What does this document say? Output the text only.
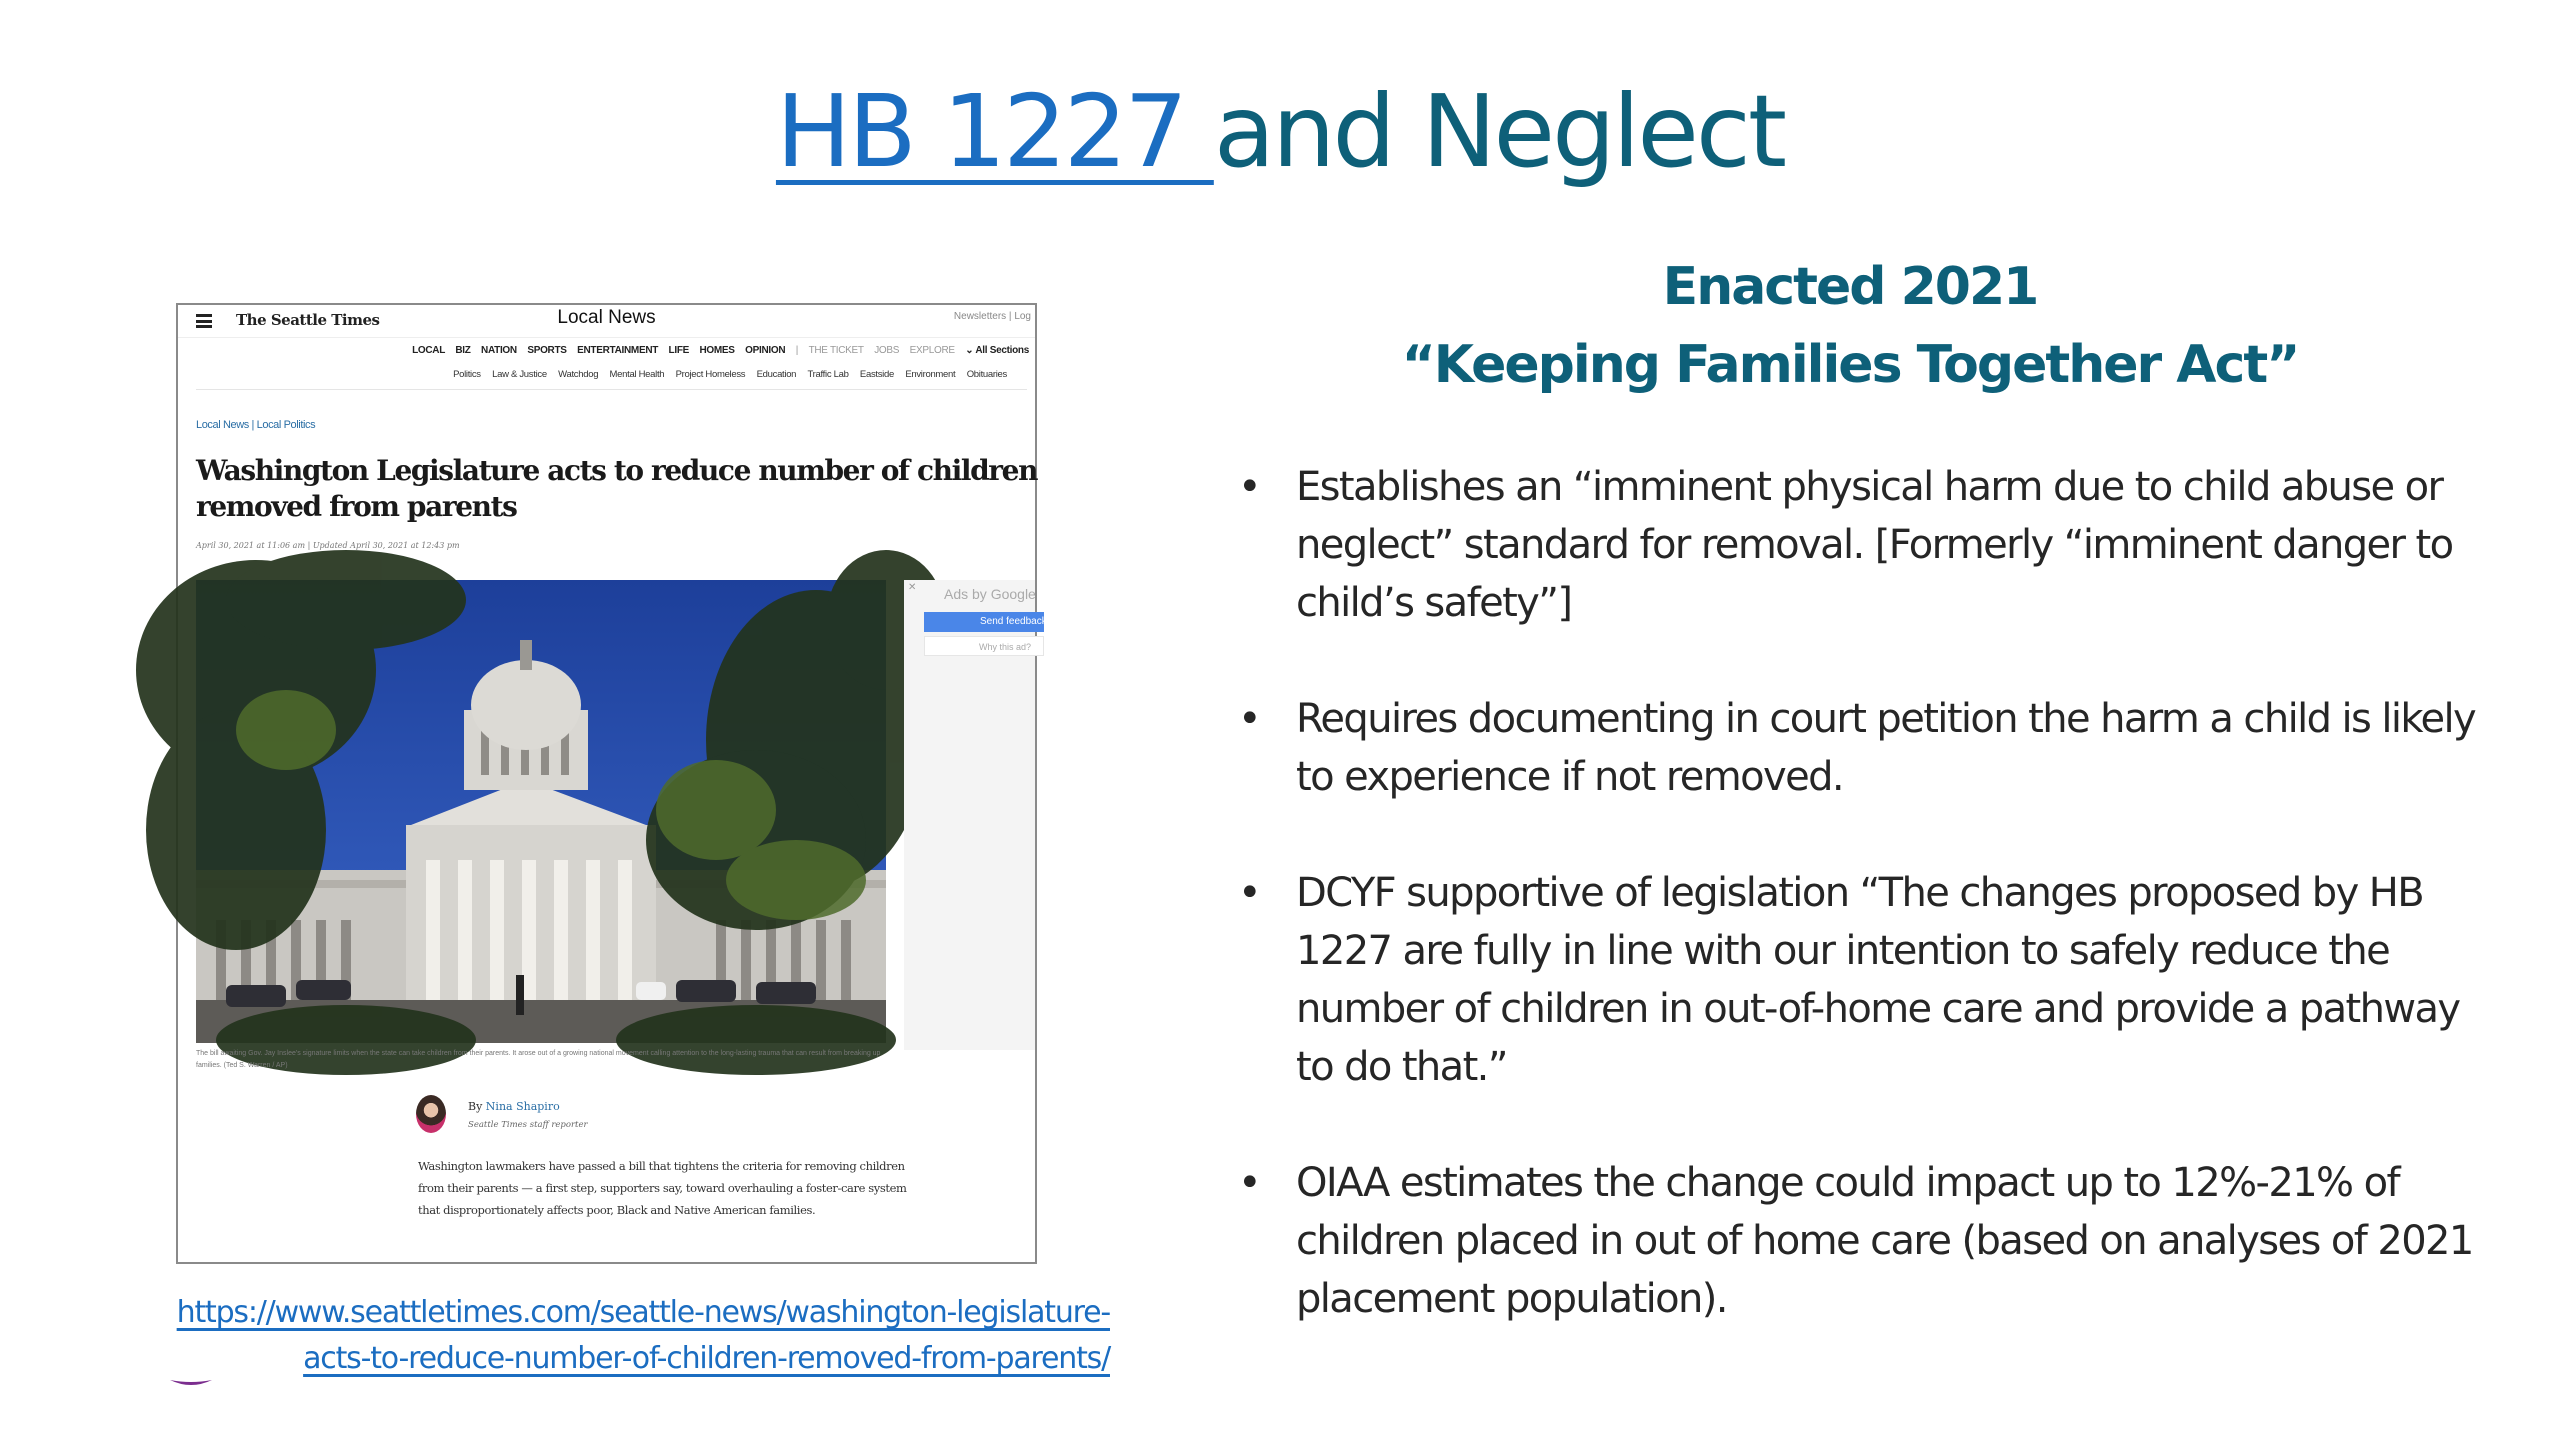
HB 1227 and Neglect
The Seattle Times	Local News	Newsletters | Log
LOCAL BIZ NATION SPORTS ENTERTAINMENT LIFE HOMES OPINION | THE TICKET JOBS EXPLORE ⌄ All Sections
Politics Law & Justice Watchdog Mental Health Project Homeless Education Traffic Lab Eastside Environment Obituaries
Local News | Local Politics
Washington Legislature acts to reduce number of children
removed from parents
April 30, 2021 at 11:06 am | Updated April 30, 2021 at 12:43 pm
✕ Ads by Google
Send feedback
Why this ad?
The bill awaiting Gov. Jay Inslee's signature limits when the state can take children from their parents. It arose out of a growing national movement calling attention to the long-lasting trauma that can result from breaking up families. (Ted S. Warren / AP)
By Nina Shapiro
Seattle Times staff reporter
Washington lawmakers have passed a bill that tightens the criteria for removing children from their parents — a first step, supporters say, toward overhauling a foster-care system that disproportionately affects poor, Black and Native American families.
https://www.seattletimes.com/seattle-news/washington-legislature-
acts-to-reduce-number-of-children-removed-from-parents/
Enacted 2021
“Keeping Families Together Act”
• Establishes an “imminent physical harm due to child abuse or neglect” standard for removal. [Formerly “imminent danger to child’s safety”]
• Requires documenting in court petition the harm a child is likely to experience if not removed.
• DCYF supportive of legislation “The changes proposed by HB 1227 are fully in line with our intention to safely reduce the number of children in out-of-home care and provide a pathway to do that.”
• OIAA estimates the change could impact up to 12%-21% of children placed in out of home care (based on analyses of 2021 placement population).
